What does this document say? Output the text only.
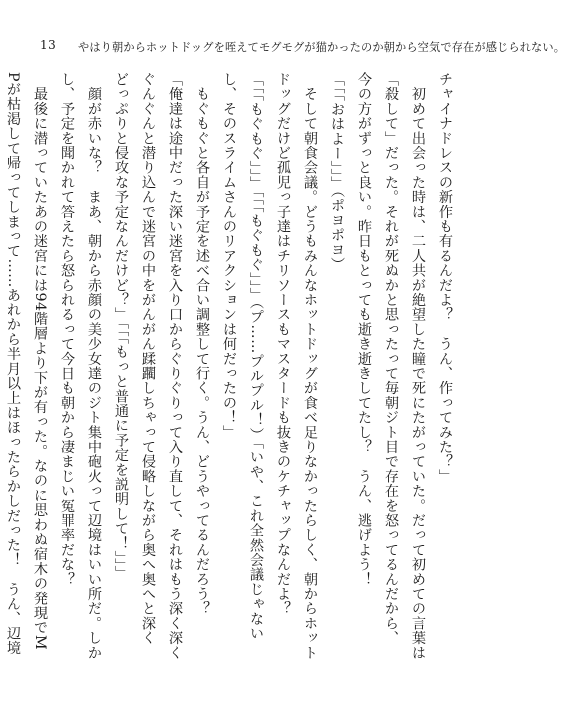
13 やはり朝からホットドッグを咥えてモグモグが猫かったのか朝から空気で存在が感じられない。
チャイナドレスの新作も有るんだよ？　うん、作ってみた？」
　初めて出会った時は、二人共が絶望した瞳で死にたがっていた。だって初めての言葉は
「殺して」だった。それが死ぬかと思ったって毎朝ジト目で存在を怒ってるんだから、
今の方がずっと良い。昨日もとっても逝き逝きしてたし？　うん、逃げよう！
「「「おはよー」」」（ポヨポヨ）
　そして朝食会議。どうもみんなホットドッグが食べ足りなかったらしく、朝からホット
ドッグだけど孤児っ子達はチリソースもマスタードも抜きのケチャップなんだよ？
「「「もぐもぐ」」」「「「もぐもぐ」」」（プ……プルプル！）「いや、これ全然会議じゃない
し、そのスライムさんのリアクションは何だったの！」
　もぐもぐと各自が予定を述べ合い調整して行く。うん、どうやってるんだろう？
「俺達は途中だった深い迷宮を入り口からぐりぐりって入り直して、それはもう深く深く
ぐんぐんと潜り込んで迷宮の中をがんがん蹂躙しちゃって侵略しながら奥へ奥へと深く
どっぷりと侵攻な予定なんだけど？」「「「もっと普通に予定を説明して！」」」
　顔が赤いな？　まあ、朝から赤顔の美少女達のジト集中砲火って辺境はいい所だ。しか
し、予定を聞かれて答えたら怒られるって今日も朝から凄まじい冤罪率だな？
　最後に潜っていたあの迷宮には94階層より下が有った。なのに思わぬ宿木の発現でM
Pが枯渇して帰ってしまって……あれから半月以上はほったらかしだった！　うん、辺境
